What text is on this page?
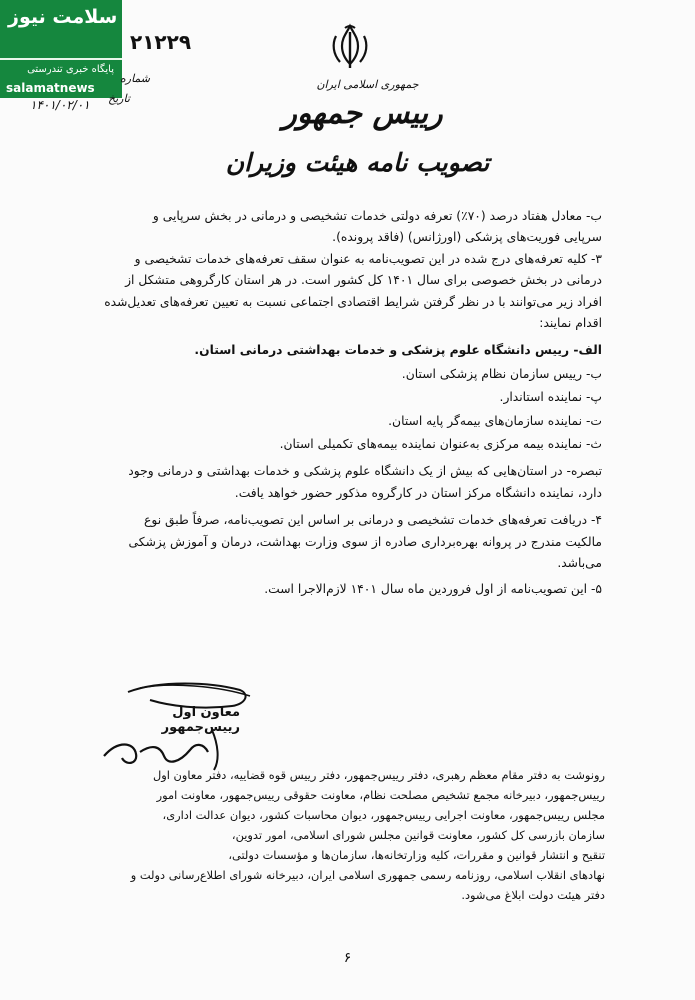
سلامت نیوز
پایگاه خبری تندرستی
salamatnews
۲۱۲۲۹
شماره
تاریخ
۱۴۰۱/۰۲/۰۱
جمهوری اسلامی ایران
رییس جمهور
تصویب نامه هیئت وزیران
ب- معادل هفتاد درصد (۷۰٪) تعرفه دولتی خدمات تشخیصی و درمانی در بخش سرپایی و
سرپایی فوریت‌های پزشکی (اورژانس) (فاقد پرونده).
۳- کلیه تعرفه‌های درج شده در این تصویب‌نامه به عنوان سقف تعرفه‌های خدمات تشخیصی و
درمانی در بخش خصوصی برای سال ۱۴۰۱ کل کشور است. در هر استان کارگروهی متشکل از
افراد زیر می‌توانند با در نظر گرفتن شرایط اقتصادی اجتماعی نسبت به تعیین تعرفه‌های تعدیل‌شده
اقدام نمایند:
الف- رییس دانشگاه علوم پزشکی و خدمات بهداشتی درمانی استان.
ب- رییس سازمان نظام پزشکی استان.
پ- نماینده استاندار.
ت- نماینده سازمان‌های بیمه‌گر پایه استان.
ث- نماینده بیمه مرکزی به‌عنوان نماینده بیمه‌های تکمیلی استان.
تبصره- در استان‌هایی که بیش از یک دانشگاه علوم پزشکی و خدمات بهداشتی و درمانی وجود
دارد، نماینده دانشگاه مرکز استان در کارگروه مذکور حضور خواهد یافت.
۴- دریافت تعرفه‌های خدمات تشخیصی و درمانی بر اساس این تصویب‌نامه، صرفاً طبق نوع
مالکیت مندرج در پروانه بهره‌برداری صادره از سوی وزارت بهداشت، درمان و آموزش پزشکی
می‌باشد.
۵- این تصویب‌نامه از اول فروردین ماه سال ۱۴۰۱ لازم‌الاجرا است.
معاون اول رییس‌جمهور
رونوشت به دفتر مقام معظم رهبری، دفتر رییس‌جمهور، دفتر رییس قوه قضاییه، دفتر معاون اول
رییس‌جمهور، دبیرخانه مجمع تشخیص مصلحت نظام، معاونت حقوقی رییس‌جمهور، معاونت امور
مجلس رییس‌جمهور، معاونت اجرایی رییس‌جمهور، دیوان محاسبات کشور، دیوان عدالت اداری،
سازمان بازرسی کل کشور، معاونت قوانین مجلس شورای اسلامی، امور تدوین،
تنقیح و انتشار قوانین و مقررات، کلیه وزارتخانه‌ها، سازمان‌ها و مؤسسات دولتی،
نهادهای انقلاب اسلامی، روزنامه رسمی جمهوری اسلامی ایران، دبیرخانه شورای اطلاع‌رسانی دولت و
دفتر هیئت دولت ابلاغ می‌شود.
۶
